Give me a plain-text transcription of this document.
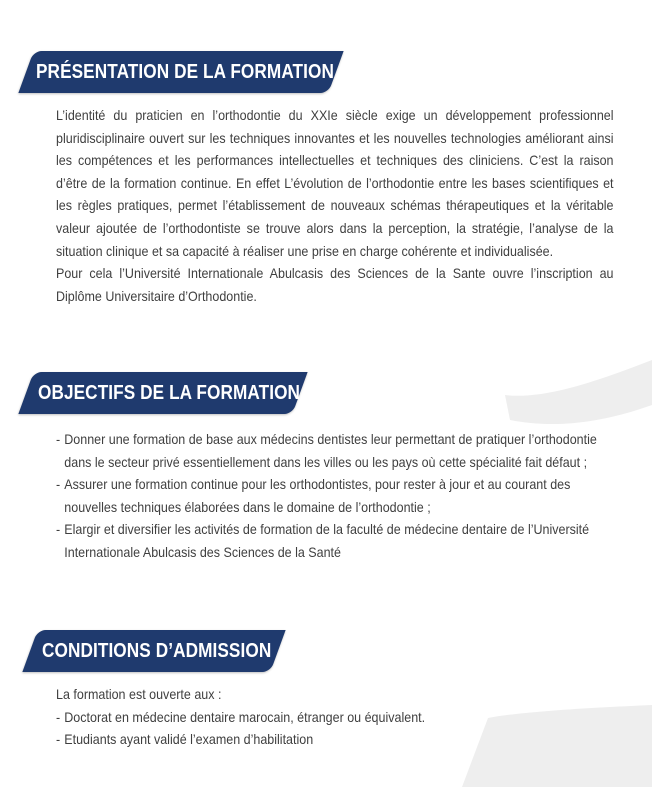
PRÉSENTATION DE LA FORMATION

L’identité du praticien en l’orthodontie du XXIe siècle exige un développement professionnel pluridisciplinaire ouvert sur les techniques innovantes et les nouvelles technologies améliorant ainsi les compétences et les performances intellectuelles et techniques des cliniciens. C’est la raison d’être de la formation continue. En effet L’évolution de l’orthodontie entre les bases scientifiques et les règles pratiques, permet l’établissement de nouveaux schémas thérapeutiques et la véritable valeur ajoutée de l’orthodontiste se trouve alors dans la perception, la stratégie, l’analyse de la situation clinique et sa capacité à réaliser une prise en charge cohérente et individualisée.

Pour cela l’Université Internationale Abulcasis des Sciences de la Sante ouvre l’inscription au Diplôme Universitaire d’Orthodontie.

OBJECTIFS DE LA FORMATION
- Donner une formation de base aux médecins dentistes leur permettant de pratiquer l’orthodontie dans le secteur privé essentiellement dans les villes ou les pays où cette spécialité fait défaut ;
- Assurer une formation continue pour les orthodontistes, pour rester à jour et au courant des nouvelles techniques élaborées dans le domaine de l’orthodontie ;
- Elargir et diversifier les activités de formation de la faculté de médecine dentaire de l’Université Internationale Abulcasis des Sciences de la Santé
CONDITIONS D’ADMISSION
La formation est ouverte aux :
- Doctorat en médecine dentaire marocain, étranger ou équivalent.
- Etudiants ayant validé l’examen d’habilitation
